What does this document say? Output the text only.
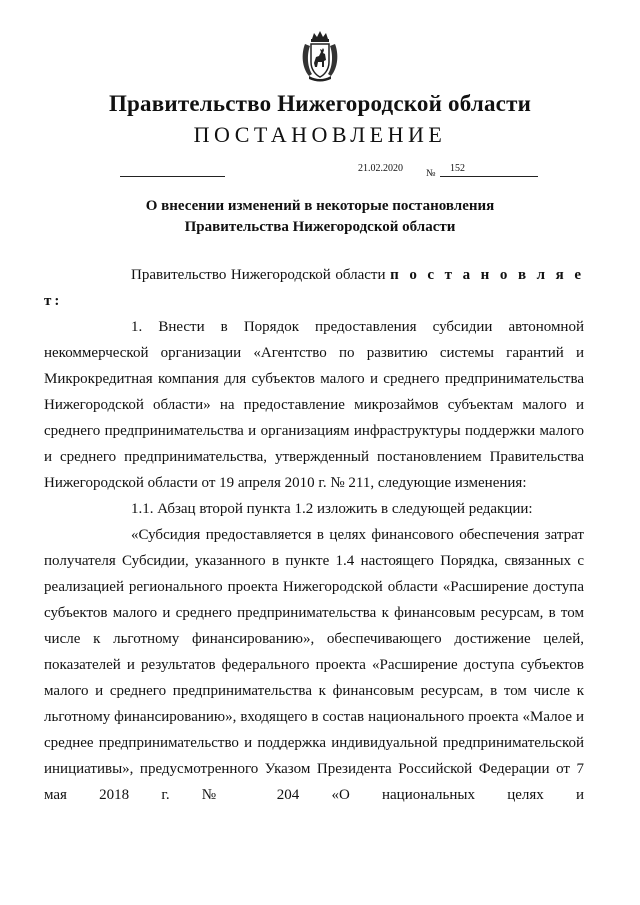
Правительство Нижегородской области
ПОСТАНОВЛЕНИЕ
21.02.2020 № 152
О внесении изменений в некоторые постановления
Правительства Нижегородской области

Правительство Нижегородской области п о с т а н о в л я е т:

1. Внести в Порядок предоставления субсидии автономной некоммерческой организации «Агентство по развитию системы гарантий и Микрокредитная компания для субъектов малого и среднего предпринимательства Нижегородской области» на предоставление микрозаймов субъектам малого и среднего предпринимательства и организациям инфраструктуры поддержки малого и среднего предпринимательства, утвержденный постановлением Правительства Нижегородской области от 19 апреля 2010 г. № 211, следующие изменения:

1.1. Абзац второй пункта 1.2 изложить в следующей редакции:

«Субсидия предоставляется в целях финансового обеспечения затрат получателя Субсидии, указанного в пункте 1.4 настоящего Порядка, связанных с реализацией регионального проекта Нижегородской области «Расширение доступа субъектов малого и среднего предпринимательства к финансовым ресурсам, в том числе к льготному финансированию», обеспечивающего достижение целей, показателей и результатов федерального проекта «Расширение доступа субъектов малого и среднего предпринимательства к финансовым ресурсам, в том числе к льготному финансированию», входящего в состав национального проекта «Малое и среднее предпринимательство и поддержка индивидуальной предпринимательской инициативы», предусмотренного Указом Президента Российской Федерации от 7 мая 2018 г. № 204 «О национальных целях и
